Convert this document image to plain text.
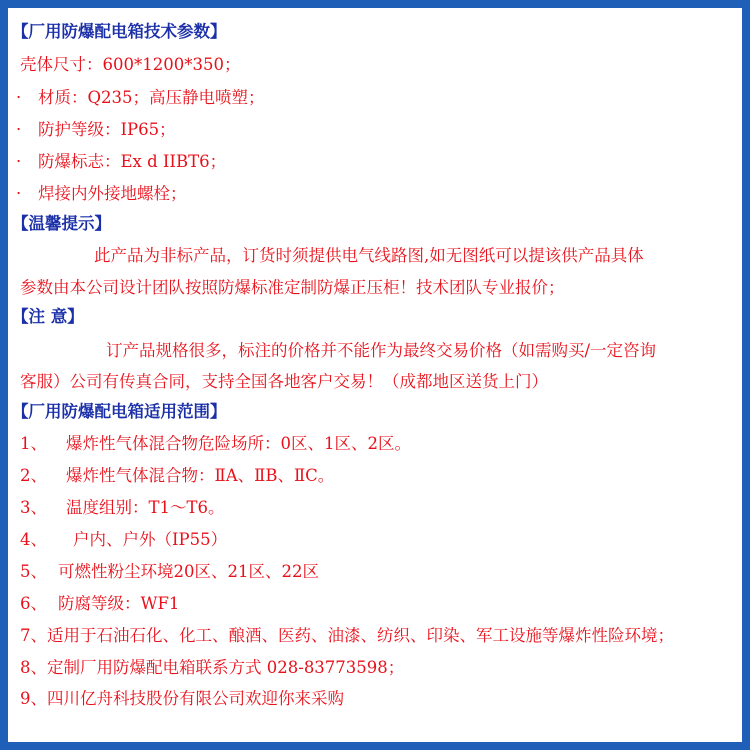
【厂用防爆配电箱技术参数】
壳体尺寸：600*1200*350；
· 材质：Q235；高压静电喷塑；
· 防护等级：IP65；
· 防爆标志：Ex d IIBT6；
· 焊接内外接地螺栓；
【温馨提示】
此产品为非标产品，订货时须提供电气线路图,如无图纸可以提该供产品具体
参数由本公司设计团队按照防爆标准定制防爆正压柜！技术团队专业报价；
【注 意】
订产品规格很多，标注的价格并不能作为最终交易价格（如需购买/一定咨询
客服）公司有传真合同，支持全国各地客户交易！（成都地区送货上门）
【厂用防爆配电箱适用范围】
1、 爆炸性气体混合物危险场所：0区、1区、2区。
2、 爆炸性气体混合物：ⅡA、ⅡB、ⅡC。
3、 温度组别：T1～T6。
4、 户内、户外（IP55）
5、 可燃性粉尘环境20区、21区、22区
6、 防腐等级：WF1
7、适用于石油石化、化工、酿酒、医药、油漆、纺织、印染、军工设施等爆炸性险环境；
8、定制厂用防爆配电箱联系方式 028-83773598；
9、四川亿舟科技股份有限公司欢迎你来采购
